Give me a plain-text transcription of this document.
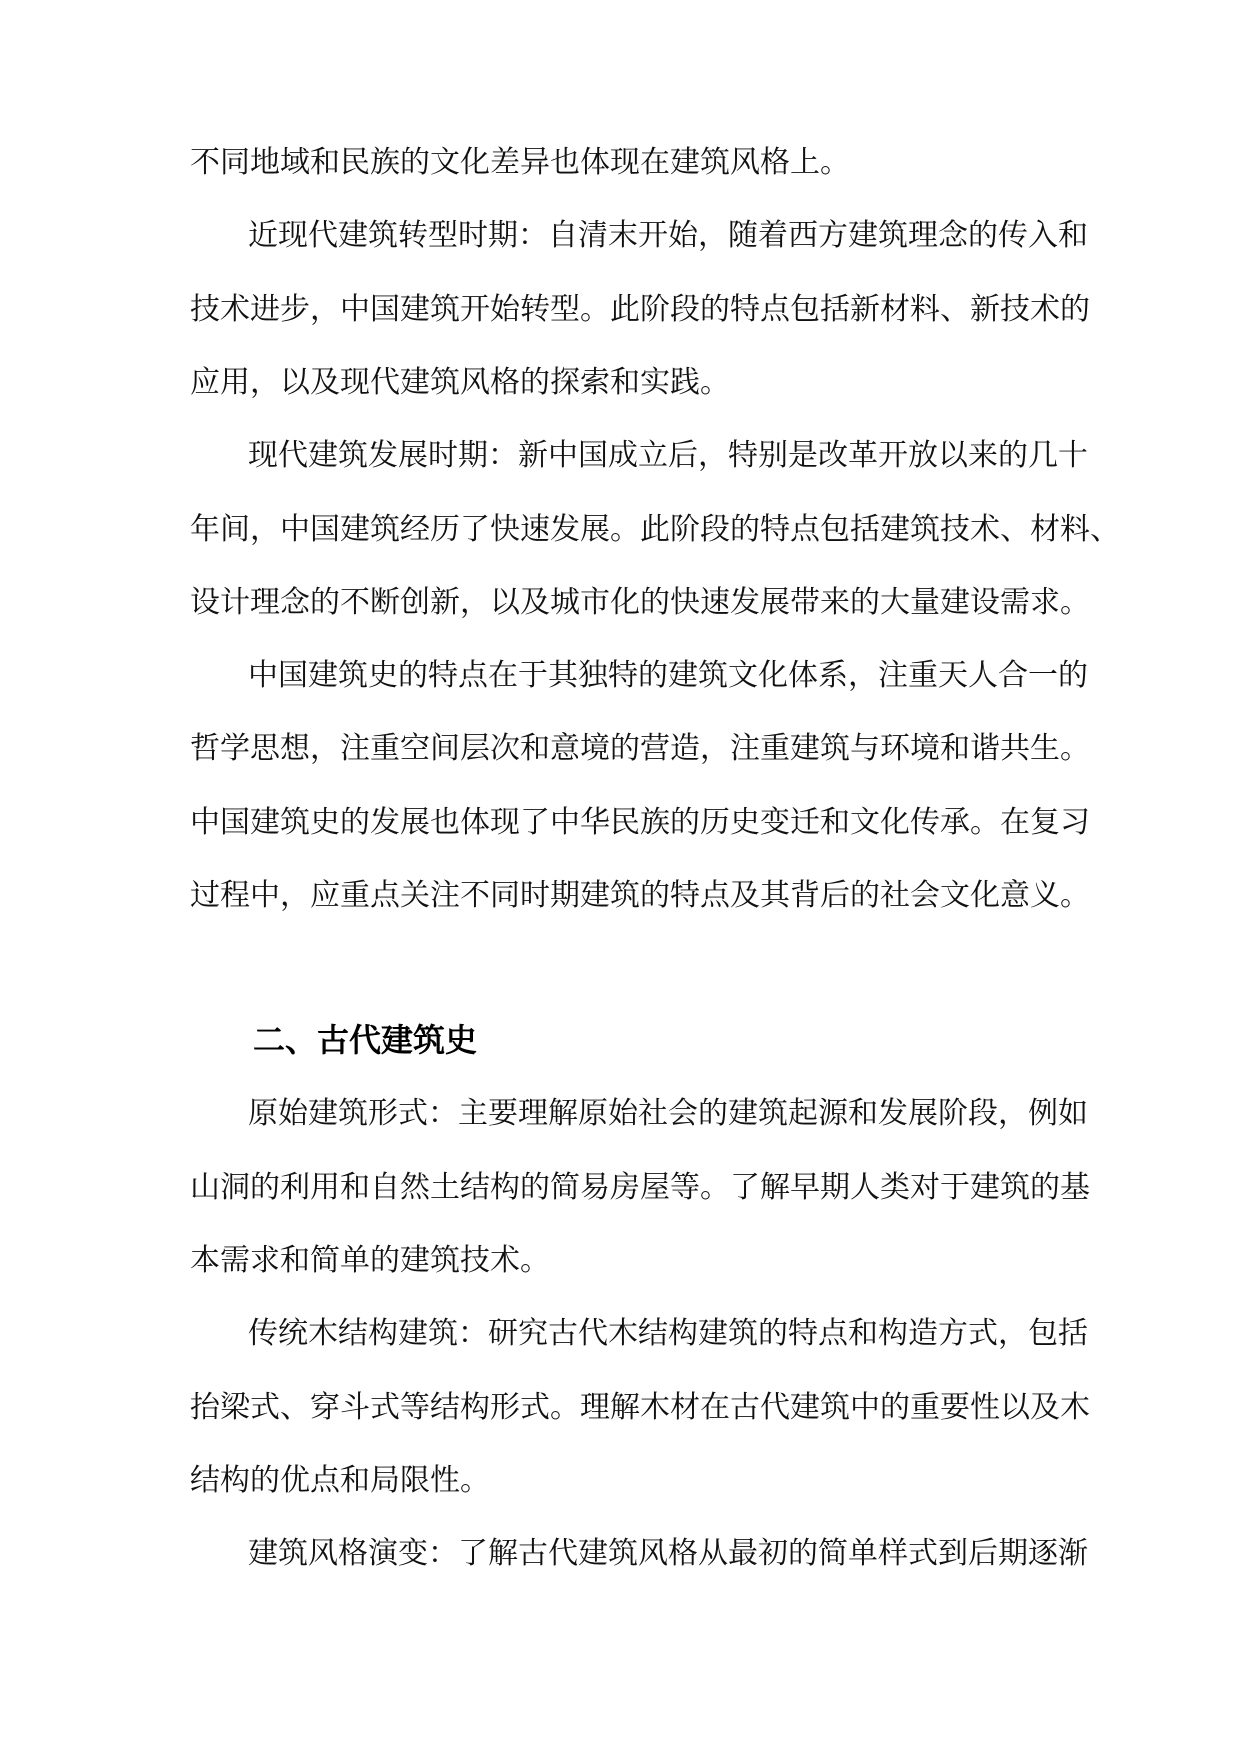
不同地域和民族的文化差异也体现在建筑风格上。
近现代建筑转型时期：自清末开始，随着西方建筑理念的传入和
技术进步，中国建筑开始转型。此阶段的特点包括新材料、新技术的
应用，以及现代建筑风格的探索和实践。
现代建筑发展时期：新中国成立后，特别是改革开放以来的几十
年间，中国建筑经历了快速发展。此阶段的特点包括建筑技术、材料、
设计理念的不断创新，以及城市化的快速发展带来的大量建设需求。
中国建筑史的特点在于其独特的建筑文化体系，注重天人合一的
哲学思想，注重空间层次和意境的营造，注重建筑与环境和谐共生。
中国建筑史的发展也体现了中华民族的历史变迁和文化传承。在复习
过程中，应重点关注不同时期建筑的特点及其背后的社会文化意义。
二、古代建筑史
原始建筑形式：主要理解原始社会的建筑起源和发展阶段，例如
山洞的利用和自然土结构的简易房屋等。了解早期人类对于建筑的基
本需求和简单的建筑技术。
传统木结构建筑：研究古代木结构建筑的特点和构造方式，包括
抬梁式、穿斗式等结构形式。理解木材在古代建筑中的重要性以及木
结构的优点和局限性。
建筑风格演变：了解古代建筑风格从最初的简单样式到后期逐渐
